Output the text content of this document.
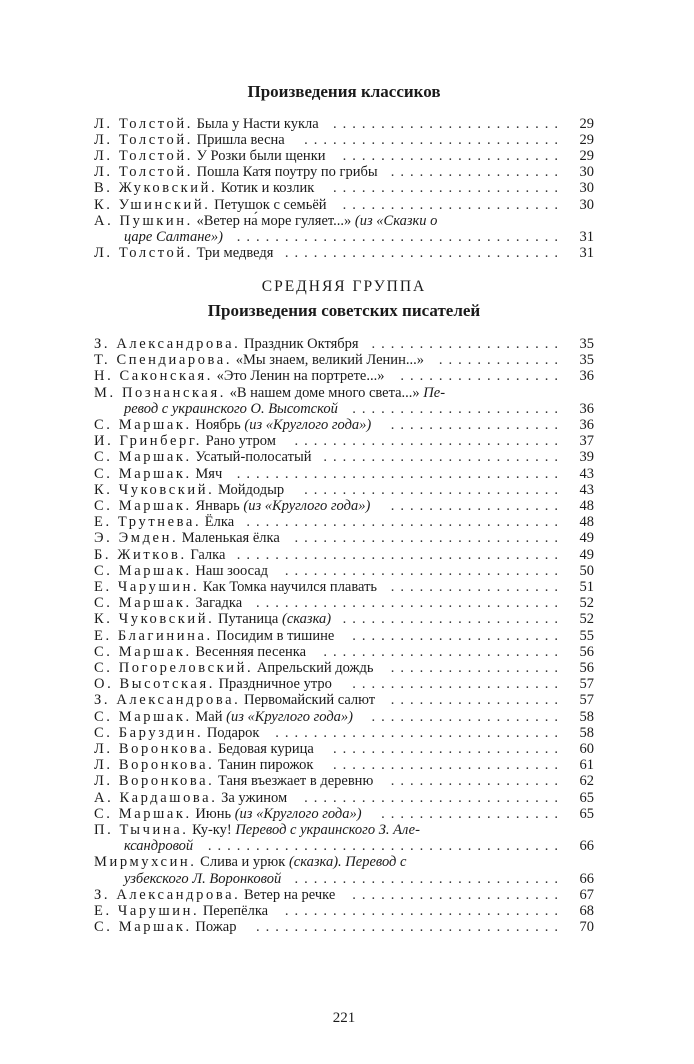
Произведения классиков
Л. Толстой. Была у Насти кукла	29
........................
Л. Толстой. Пришла весна	29
...........................
Л. Толстой. У Розки были щенки	29
.......................
Л. Толстой. Пошла Катя поутру по грибы	30
..................
В. Жуковский. Котик и козлик	30
........................
К. Ушинский. Петушок с семьёй	30
.......................
А. Пушкин. «Ветер на́ море гуляет...» (из «Сказки о
царе Салтане»)	31
..................................
Л. Толстой. Три медведя	31
.............................
СРЕДНЯЯ ГРУППА
Произведения советских писателей
З. Александрова. Праздник Октября	35
....................
Т. Спендиарова. «Мы знаем, великий Ленин...»	35
.............
Н. Саконская. «Это Ленин на портрете...»	36
.................
М. Познанская. «В нашем доме много света...» Пе-
ревод с украинского О. Высотской	36
......................
С. Маршак. Ноябрь (из «Круглого года»)	36
..................
И. Гринберг. Рано утром	37
............................
С. Маршак. Усатый-полосатый	39
.........................
С. Маршак. Мяч	43
..................................
К. Чуковский. Мойдодыр	43
...........................
С. Маршак. Январь (из «Круглого года»)	48
..................
Е. Трутнева. Ёлка	48
.................................
Э. Эмден. Маленькая ёлка	49
............................
Б. Житков. Галка	49
..................................
С. Маршак. Наш зоосад	50
.............................
Е. Чарушин. Как Томка научился плавать	51
..................
С. Маршак. Загадка	52
................................
К. Чуковский. Путаница (сказка)	52
.......................
Е. Благинина. Посидим в тишине	55
......................
С. Маршак. Весенняя песенка	56
.........................
С. Погореловский. Апрельский дождь	56
..................
О. Высотская. Праздничное утро	57
......................
З. Александрова. Первомайский салют	57
..................
С. Маршак. Май (из «Круглого года»)	58
....................
С. Баруздин. Подарок	58
..............................
Л. Воронкова. Бедовая курица	60
........................
Л. Воронкова. Танин пирожок	61
........................
Л. Воронкова. Таня въезжает в деревню	62
..................
А. Кардашова. За ужином	65
...........................
С. Маршак. Июнь (из «Круглого года»)	65
...................
П. Тычина. Ку-ку! Перевод с украинского З. Але-
ксандровой	66
.....................................
Мирмухсин. Слива и урюк (сказка). Перевод с
узбекского Л. Воронковой	66
............................
З. Александрова. Ветер на речке	67
......................
Е. Чарушин. Перепёлка	68
.............................
С. Маршак. Пожар	70
................................
221
